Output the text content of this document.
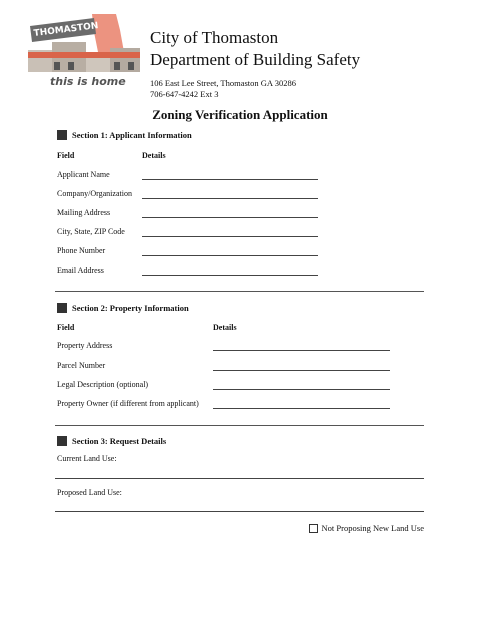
THOMASTON
this is home
City of Thomaston
Department of Building Safety
106 East Lee Street, Thomaston GA 30286
706-647-4242 Ext 3
Zoning Verification Application
Section 1: Applicant Information
Field	Details
Applicant Name
Company/Organization
Mailing Address
City, State, ZIP Code
Phone Number
Email Address
Section 2: Property Information
Field	Details
Property Address
Parcel Number
Legal Description (optional)
Property Owner (if different from applicant)
Section 3: Request Details
Current Land Use:
Proposed Land Use:
Not Proposing New Land Use
